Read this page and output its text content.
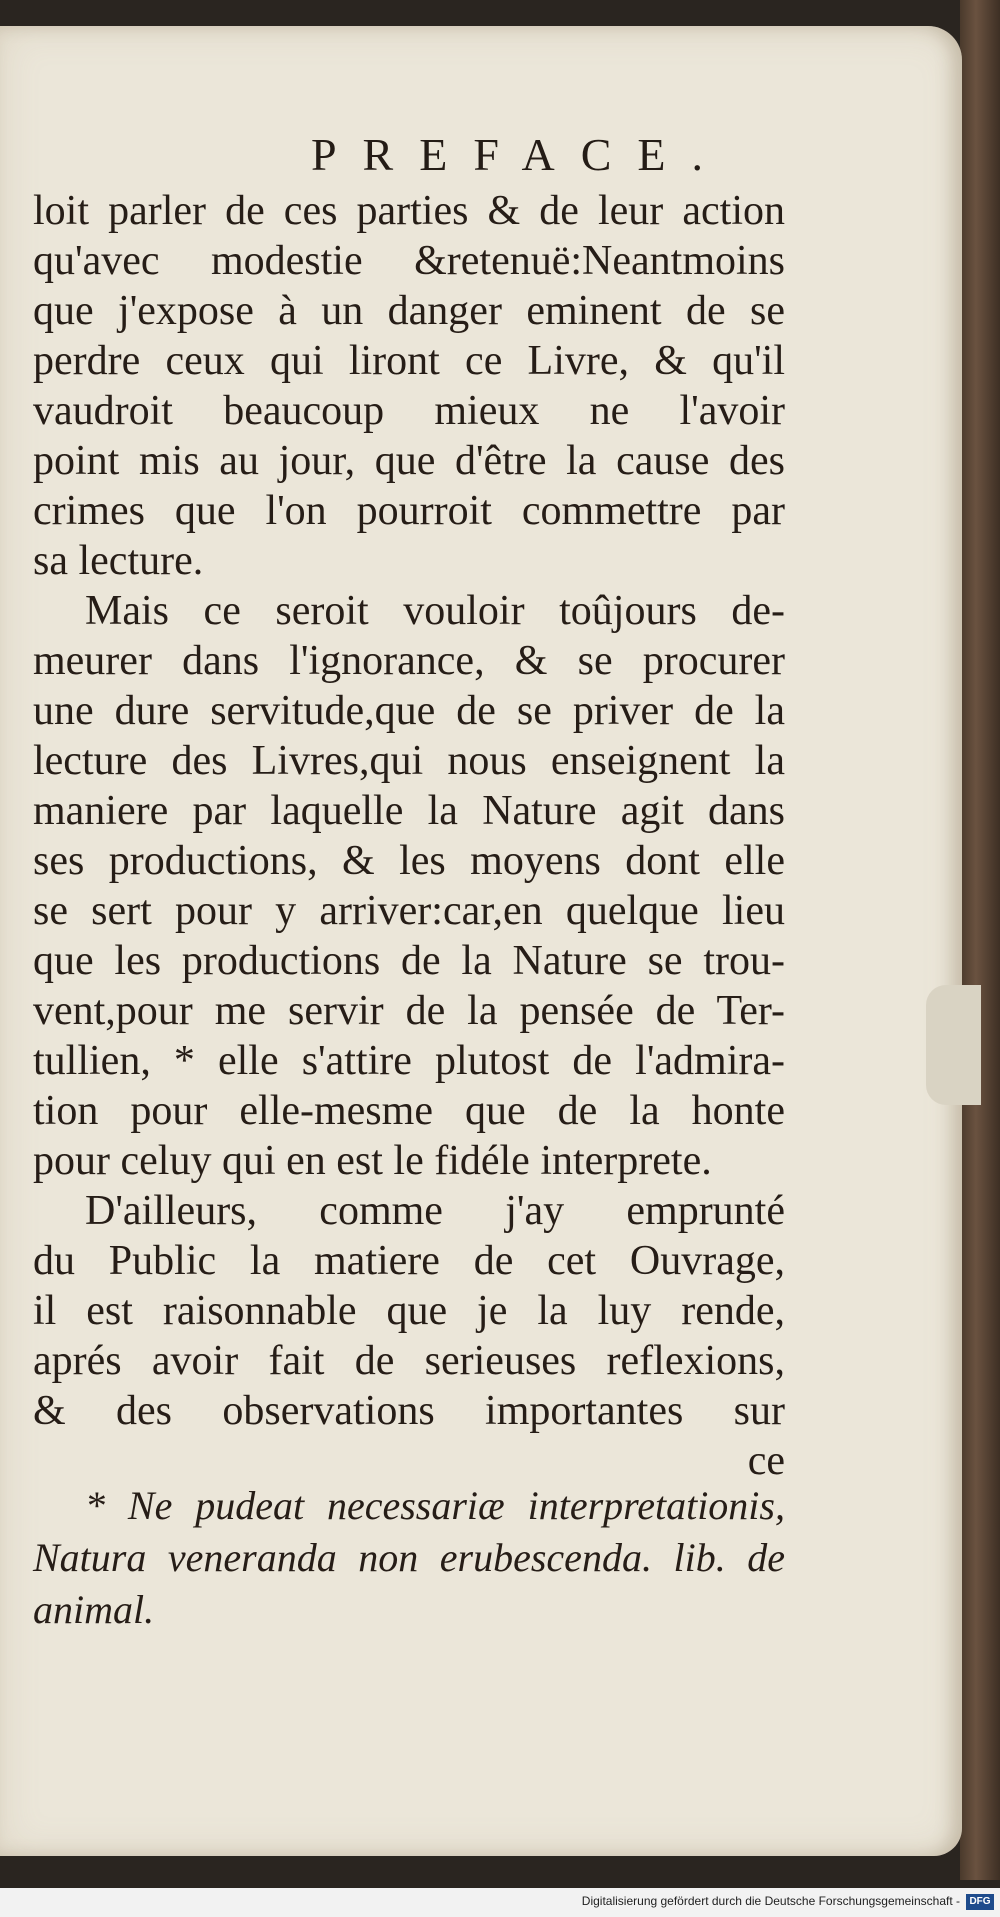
PREFACE.
loit parler de ces parties & de leur action
qu'avec modestie &retenuë:Neantmoins
que j'expose à un danger eminent de se
perdre ceux qui liront ce Livre, & qu'il
vaudroit beaucoup mieux ne l'avoir
point mis au jour, que d'être la cause des
crimes que l'on pourroit commettre par
sa lecture.
Mais ce seroit vouloir toûjours de-
meurer dans l'ignorance, & se procurer
une dure servitude,que de se priver de la
lecture des Livres,qui nous enseignent la
maniere par laquelle la Nature agit dans
ses productions, & les moyens dont elle
se sert pour y arriver:car,en quelque lieu
que les productions de la Nature se trou-
vent,pour me servir de la pensée de Ter-
tullien, * elle s'attire plutost de l'admira-
tion pour elle-mesme que de la honte
pour celuy qui en est le fidéle interprete.
D'ailleurs, comme j'ay emprunté
du Public la matiere de cet Ouvrage,
il est raisonnable que je la luy rende,
aprés avoir fait de serieuses reflexions,
& des observations importantes sur
ce
* Ne pudeat necessariæ interpretationis,
Natura veneranda non erubescenda. lib. de
animal.
Digitalisierung gefördert durch die Deutsche Forschungsgemeinschaft - DFG
